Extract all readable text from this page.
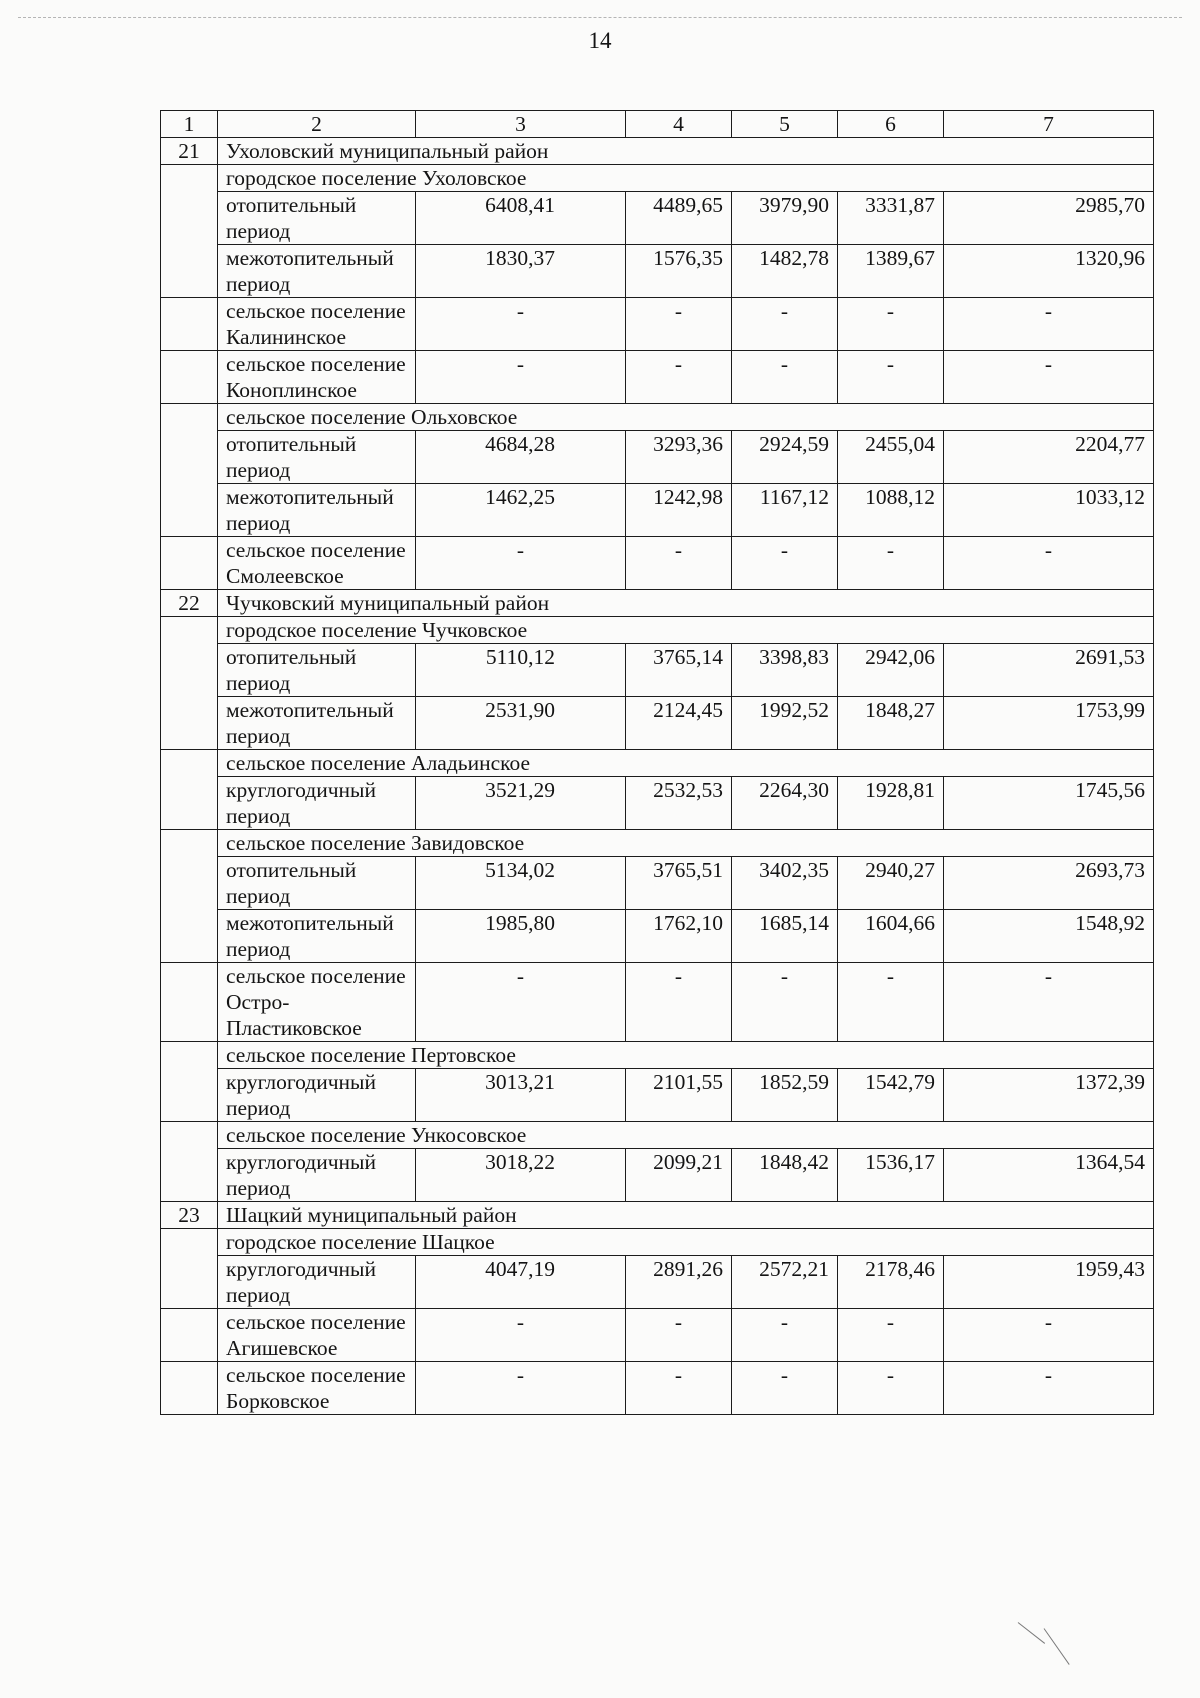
14
1	2	3	4	5	6	7
21	Ухоловский муниципальный район					
	городское поселение Ухоловское					
	отопительный период	6408,41	4489,65	3979,90	3331,87	2985,70
	межотопительный период	1830,37	1576,35	1482,78	1389,67	1320,96
	сельское поселение Калининское	-	-	-	-	-
	сельское поселение Коноплинское	-	-	-	-	-
	сельское поселение Ольховское					
	отопительный период	4684,28	3293,36	2924,59	2455,04	2204,77
	межотопительный период	1462,25	1242,98	1167,12	1088,12	1033,12
	сельское поселение Смолеевское	-	-	-	-	-
22	Чучковский муниципальный район					
	городское поселение Чучковское					
	отопительный период	5110,12	3765,14	3398,83	2942,06	2691,53
	межотопительный период	2531,90	2124,45	1992,52	1848,27	1753,99
	сельское поселение Аладьинское					
	круглогодичный период	3521,29	2532,53	2264,30	1928,81	1745,56
	сельское поселение Завидовское					
	отопительный период	5134,02	3765,51	3402,35	2940,27	2693,73
	межотопительный период	1985,80	1762,10	1685,14	1604,66	1548,92
	сельское поселение Остро-Пластиковское	-	-	-	-	-
	сельское поселение Пертовское					
	круглогодичный период	3013,21	2101,55	1852,59	1542,79	1372,39
	сельское поселение Ункосовское					
	круглогодичный период	3018,22	2099,21	1848,42	1536,17	1364,54
23	Шацкий муниципальный район					
	городское поселение Шацкое					
	круглогодичный период	4047,19	2891,26	2572,21	2178,46	1959,43
	сельское поселение Агишевское	-	-	-	-	-
	сельское поселение Борковское	-	-	-	-	-
